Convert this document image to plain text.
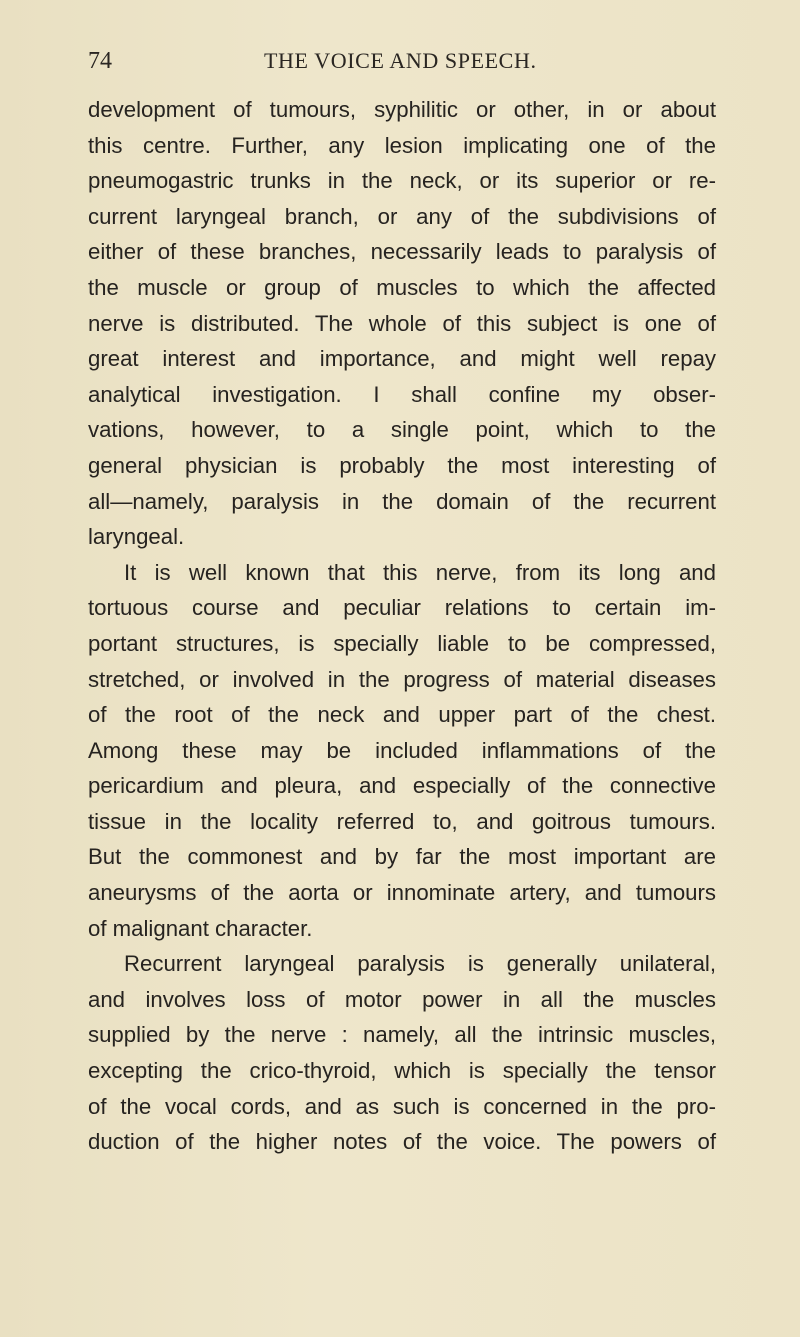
74	THE VOICE AND SPEECH.
development of tumours, syphilitic or other, in or about
this centre. Further, any lesion implicating one of the
pneumogastric trunks in the neck, or its superior or re-
current laryngeal branch, or any of the subdivisions of
either of these branches, necessarily leads to paralysis of
the muscle or group of muscles to which the affected
nerve is distributed. The whole of this subject is one of
great interest and importance, and might well repay
analytical investigation. I shall confine my obser-
vations, however, to a single point, which to the
general physician is probably the most interesting of
all—namely, paralysis in the domain of the recurrent
laryngeal.
It is well known that this nerve, from its long and
tortuous course and peculiar relations to certain im-
portant structures, is specially liable to be compressed,
stretched, or involved in the progress of material diseases
of the root of the neck and upper part of the chest.
Among these may be included inflammations of the
pericardium and pleura, and especially of the connective
tissue in the locality referred to, and goitrous tumours.
But the commonest and by far the most important are
aneurysms of the aorta or innominate artery, and tumours
of malignant character.
Recurrent laryngeal paralysis is generally unilateral,
and involves loss of motor power in all the muscles
supplied by the nerve : namely, all the intrinsic muscles,
excepting the crico-thyroid, which is specially the tensor
of the vocal cords, and as such is concerned in the pro-
duction of the higher notes of the voice. The powers of
